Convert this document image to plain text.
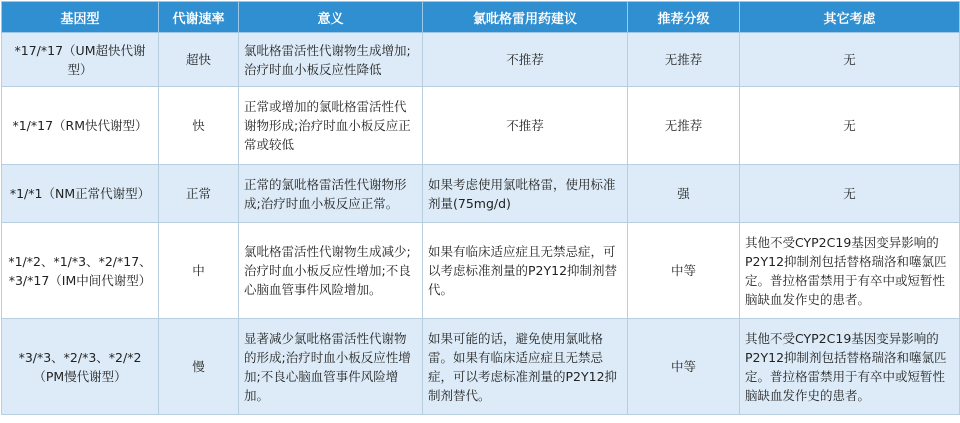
基因型	代谢速率	意义	氯吡格雷用药建议	推荐分级	其它考虑
*17/*17（UM超快代谢型）	超快	氯吡格雷活性代谢物生成增加;治疗时血小板反应性降低	不推荐	无推荐	无
*1/*17（RM快代谢型）	快	正常或增加的氯吡格雷活性代谢物形成;治疗时血小板反应正常或较低	不推荐	无推荐	无
*1/*1（NM正常代谢型）	正常	正常的氯吡格雷活性代谢物形成;治疗时血小板反应正常。	如果考虑使用氯吡格雷，使用标准剂量(75mg/d)	强	无
*1/*2、*1/*3、*2/*17、*3/*17（IM中间代谢型）	中	氯吡格雷活性代谢物生成减少;治疗时血小板反应性增加;不良心脑血管事件风险增加。	如果有临床适应症且无禁忌症，可以考虑标准剂量的P2Y12抑制剂替代。	中等	其他不受CYP2C19基因变异影响的P2Y12抑制剂包括替格瑞洛和噻氯匹定。普拉格雷禁用于有卒中或短暂性脑缺血发作史的患者。
*3/*3、*2/*3、*2/*2（PM慢代谢型）	慢	显著减少氯吡格雷活性代谢物的形成;治疗时血小板反应性增加;不良心脑血管事件风险增加。	如果可能的话，避免使用氯吡格雷。如果有临床适应症且无禁忌症，可以考虑标准剂量的P2Y12抑制剂替代。	中等	其他不受CYP2C19基因变异影响的P2Y12抑制剂包括替格瑞洛和噻氯匹定。普拉格雷禁用于有卒中或短暂性脑缺血发作史的患者。
